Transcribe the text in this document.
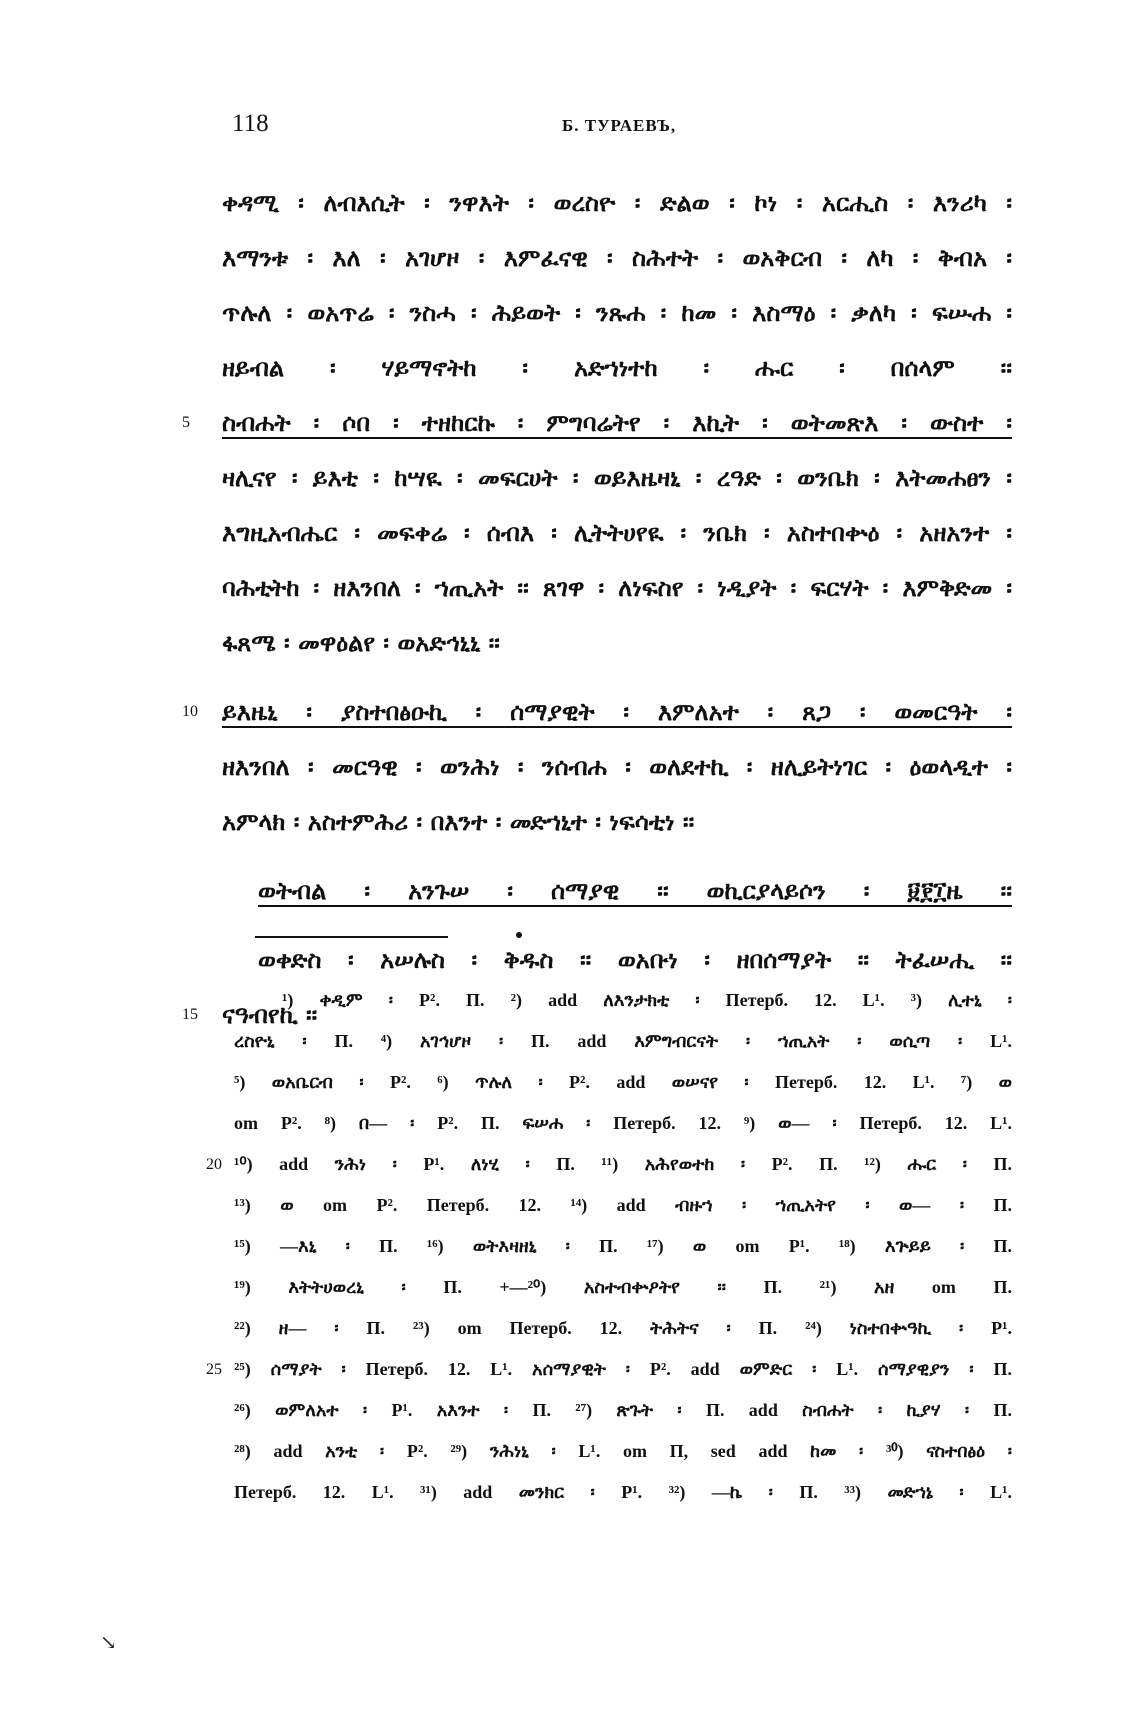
118	Б. ТУРАЕВЪ,
ቀዳሚ ፡ ለብእሲት ፡ ንዋእት ፡ ወረስዮ ፡ ድልወ ፡ ኮነ ፡ አርሒስ ፡ እንሪካ ፡
እማንቱ ፡ እለ ፡ አገሆዞ ፡ እምፈናዊ ፡ ስሕተት ፡ ወአቅርብ ፡ ለካ ፡ ቅብአ ፡
ጥሉለ ፡ ወአጥሬ ፡ ንስሓ ፡ ሕይወት ፡ ንጹሐ ፡ ከመ ፡ እስማዕ ፡ ቃለካ ፡ ፍሡሐ ፡
ዘይብል ፡ ሃይማኖትከ ፡ አድኀነተከ ፡ ሑር ፡ በሰላም ፡፡
5 ስብሐት ፡ ሶበ ፡ ተዘከርኩ ፡ ምግባሬትየ ፡ እኪት ፡ ወትመጽእ ፡ ውስተ ፡
ዛሊናየ ፡ ይእቲ ፡ ከሣዪ ፡ መፍርሀት ፡ ወይእዜዛኒ ፡ ረዓድ ፡ ወንቤክ ፡ እትመሐፀን ፡
እግዚአብሔር ፡ መፍቀሬ ፡ ሰብእ ፡ ሊትትሀየዪ ፡ ንቤክ ፡ አስተበቍዕ ፡ አዘአንተ ፡
ባሕቲትከ ፡ ዘእንበለ ፡ ኀጢአት ፡፡ ጸገዋ ፡ ለነፍስየ ፡ ነዲያት ፡ ፍርሃት ፡ እምቅድመ ፡
ፋጸሜ ፡ መዋዕልየ ፡ ወአድኅኒኒ ፡፡
10 ይእዜኒ ፡ ያስተበፅዑኪ ፡ ሰማያዊት ፡ እምለአተ ፡ ጸጋ ፡ ወመርዓት ፡
ዘእንበለ ፡ መርዓዊ ፡ ወንሕነ ፡ ንሰብሐ ፡ ወለደተኪ ፡ ዘሊይትነገር ፡ ዕወላዲተ ፡
አምላክ ፡ አስተምሕሪ ፡ በእንተ ፡ መድኀኒተ ፡ ነፍሳቲነ ፡፡
ወትብል ፡ አንጉሠ ፡ ሰማያዊ ፡፡ ወኪርያላይሶን ፡ ፱፻፲ዜ ፡፡
ወቀድስ ፡ አሠሉስ ፡ ቅዱስ ፡፡ ወአቡነ ፡ ዘበሰማያት ፡፡ ትፈሠሒ ፡፡
15 ናዓብየኪ ፡፡
¹) ቀዲም ፡ P². П. ²) add ለእንታክቲ ፡ Петерб. 12. L¹. ³) ሊተኒ ፡
ረስዮኒ ፡ П. ⁴) አገኅሆዞ ፡ П. add እምግብርናት ፡ ኀጢአት ፡ ወሲጣ ፡ L¹.
⁵) ወአቤርብ ፡ P². ⁶) ጥሉለ ፡ P². add ወሠናየ ፡ Петерб. 12. L¹. ⁷) ወ
om P². ⁸) በ— ፡ P². П. ፍሠሐ ፡ Петерб. 12. ⁹) ወ— ፡ Петерб. 12. L¹.
20 ¹⁰) add ንሕነ ፡ P¹. ለነሂ ፡ П. ¹¹) አሕየወተከ ፡ P². П. ¹²) ሑር ፡ П.
¹³) ወ om P². Петерб. 12. ¹⁴) add ብዙኀ ፡ ኀጢአትየ ፡ ወ— ፡ П.
¹⁵) —እኒ ፡ П. ¹⁶) ወትእዛዘኒ ፡ П. ¹⁷) ወ om P¹. ¹⁸) እጕይይ ፡ П.
¹⁹) እትትሀወረኒ ፡ П. +—²⁰) አስተብቍዖትየ ፡፡ П. ²¹) አዘ om П.
²²) ዘ— ፡ П. ²³) om Петерб. 12. ትሕትና ፡ П. ²⁴) ነስተበቍዓኪ ፡ P¹.
25 ²⁵) ሰማያት ፡ Петерб. 12. L¹. አሰማያዊት ፡ P². add ወምድር ፡ L¹. ሰማያዊያን ፡ П.
²⁶) ወምለአተ ፡ P¹. አእንተ ፡ П. ²⁷) ጽጉት ፡ П. add ስብሐት ፡ ኪያሃ ፡ П.
²⁸) add አንቲ ፡ P². ²⁹) ንሕነኒ ፡ L¹. om П, sed add ከመ ፡ ³⁰) ናስተበፅዕ ፡
Петерб. 12. L¹. ³¹) add መንክር ፡ P¹. ³²) —ኬ ፡ П. ³³) መድኀኔ ፡ L¹.
↘
